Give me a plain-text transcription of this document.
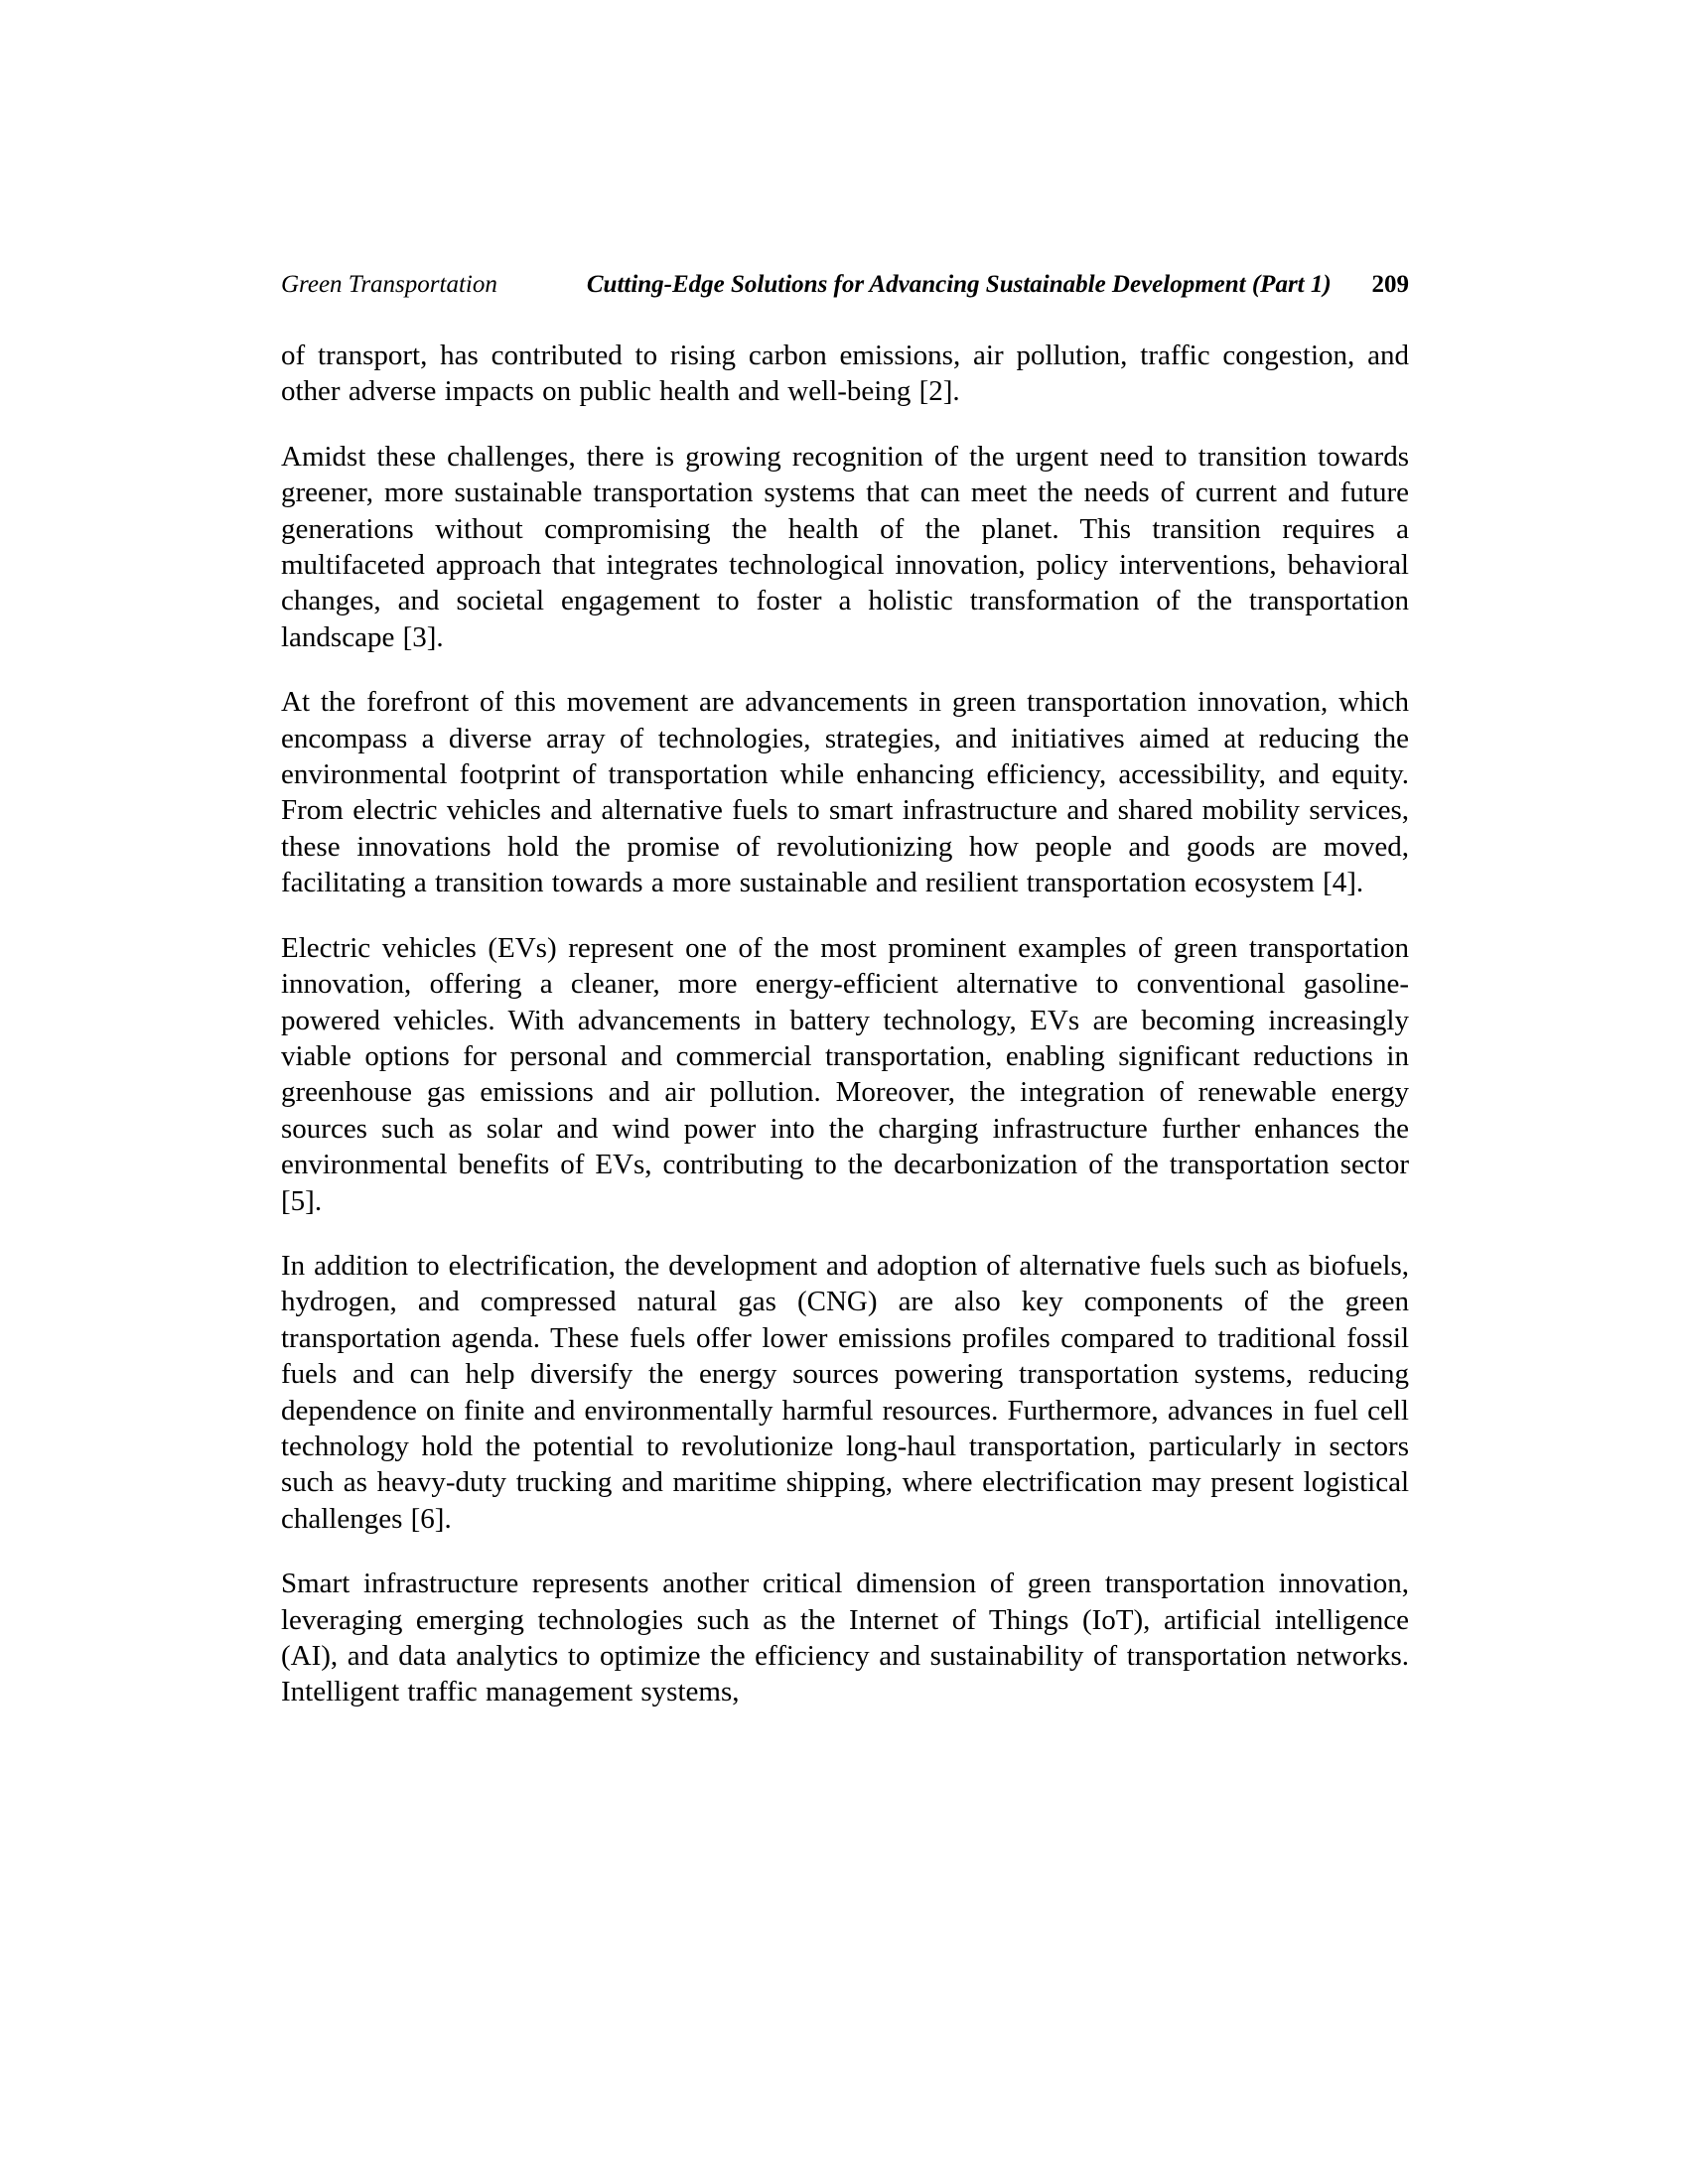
Green Transportation	Cutting-Edge Solutions for Advancing Sustainable Development (Part 1) 209

of transport, has contributed to rising carbon emissions, air pollution, traffic congestion, and other adverse impacts on public health and well-being [2].

Amidst these challenges, there is growing recognition of the urgent need to transition towards greener, more sustainable transportation systems that can meet the needs of current and future generations without compromising the health of the planet. This transition requires a multifaceted approach that integrates technological innovation, policy interventions, behavioral changes, and societal engagement to foster a holistic transformation of the transportation landscape [3].

At the forefront of this movement are advancements in green transportation innovation, which encompass a diverse array of technologies, strategies, and initiatives aimed at reducing the environmental footprint of transportation while enhancing efficiency, accessibility, and equity. From electric vehicles and alternative fuels to smart infrastructure and shared mobility services, these innovations hold the promise of revolutionizing how people and goods are moved, facilitating a transition towards a more sustainable and resilient transportation ecosystem [4].

Electric vehicles (EVs) represent one of the most prominent examples of green transportation innovation, offering a cleaner, more energy-efficient alternative to conventional gasoline-powered vehicles. With advancements in battery technology, EVs are becoming increasingly viable options for personal and commercial transportation, enabling significant reductions in greenhouse gas emissions and air pollution. Moreover, the integration of renewable energy sources such as solar and wind power into the charging infrastructure further enhances the environmental benefits of EVs, contributing to the decarbonization of the transportation sector [5].

In addition to electrification, the development and adoption of alternative fuels such as biofuels, hydrogen, and compressed natural gas (CNG) are also key components of the green transportation agenda. These fuels offer lower emissions profiles compared to traditional fossil fuels and can help diversify the energy sources powering transportation systems, reducing dependence on finite and environmentally harmful resources. Furthermore, advances in fuel cell technology hold the potential to revolutionize long-haul transportation, particularly in sectors such as heavy-duty trucking and maritime shipping, where electrification may present logistical challenges [6].

Smart infrastructure represents another critical dimension of green transportation innovation, leveraging emerging technologies such as the Internet of Things (IoT), artificial intelligence (AI), and data analytics to optimize the efficiency and sustainability of transportation networks. Intelligent traffic management systems,
